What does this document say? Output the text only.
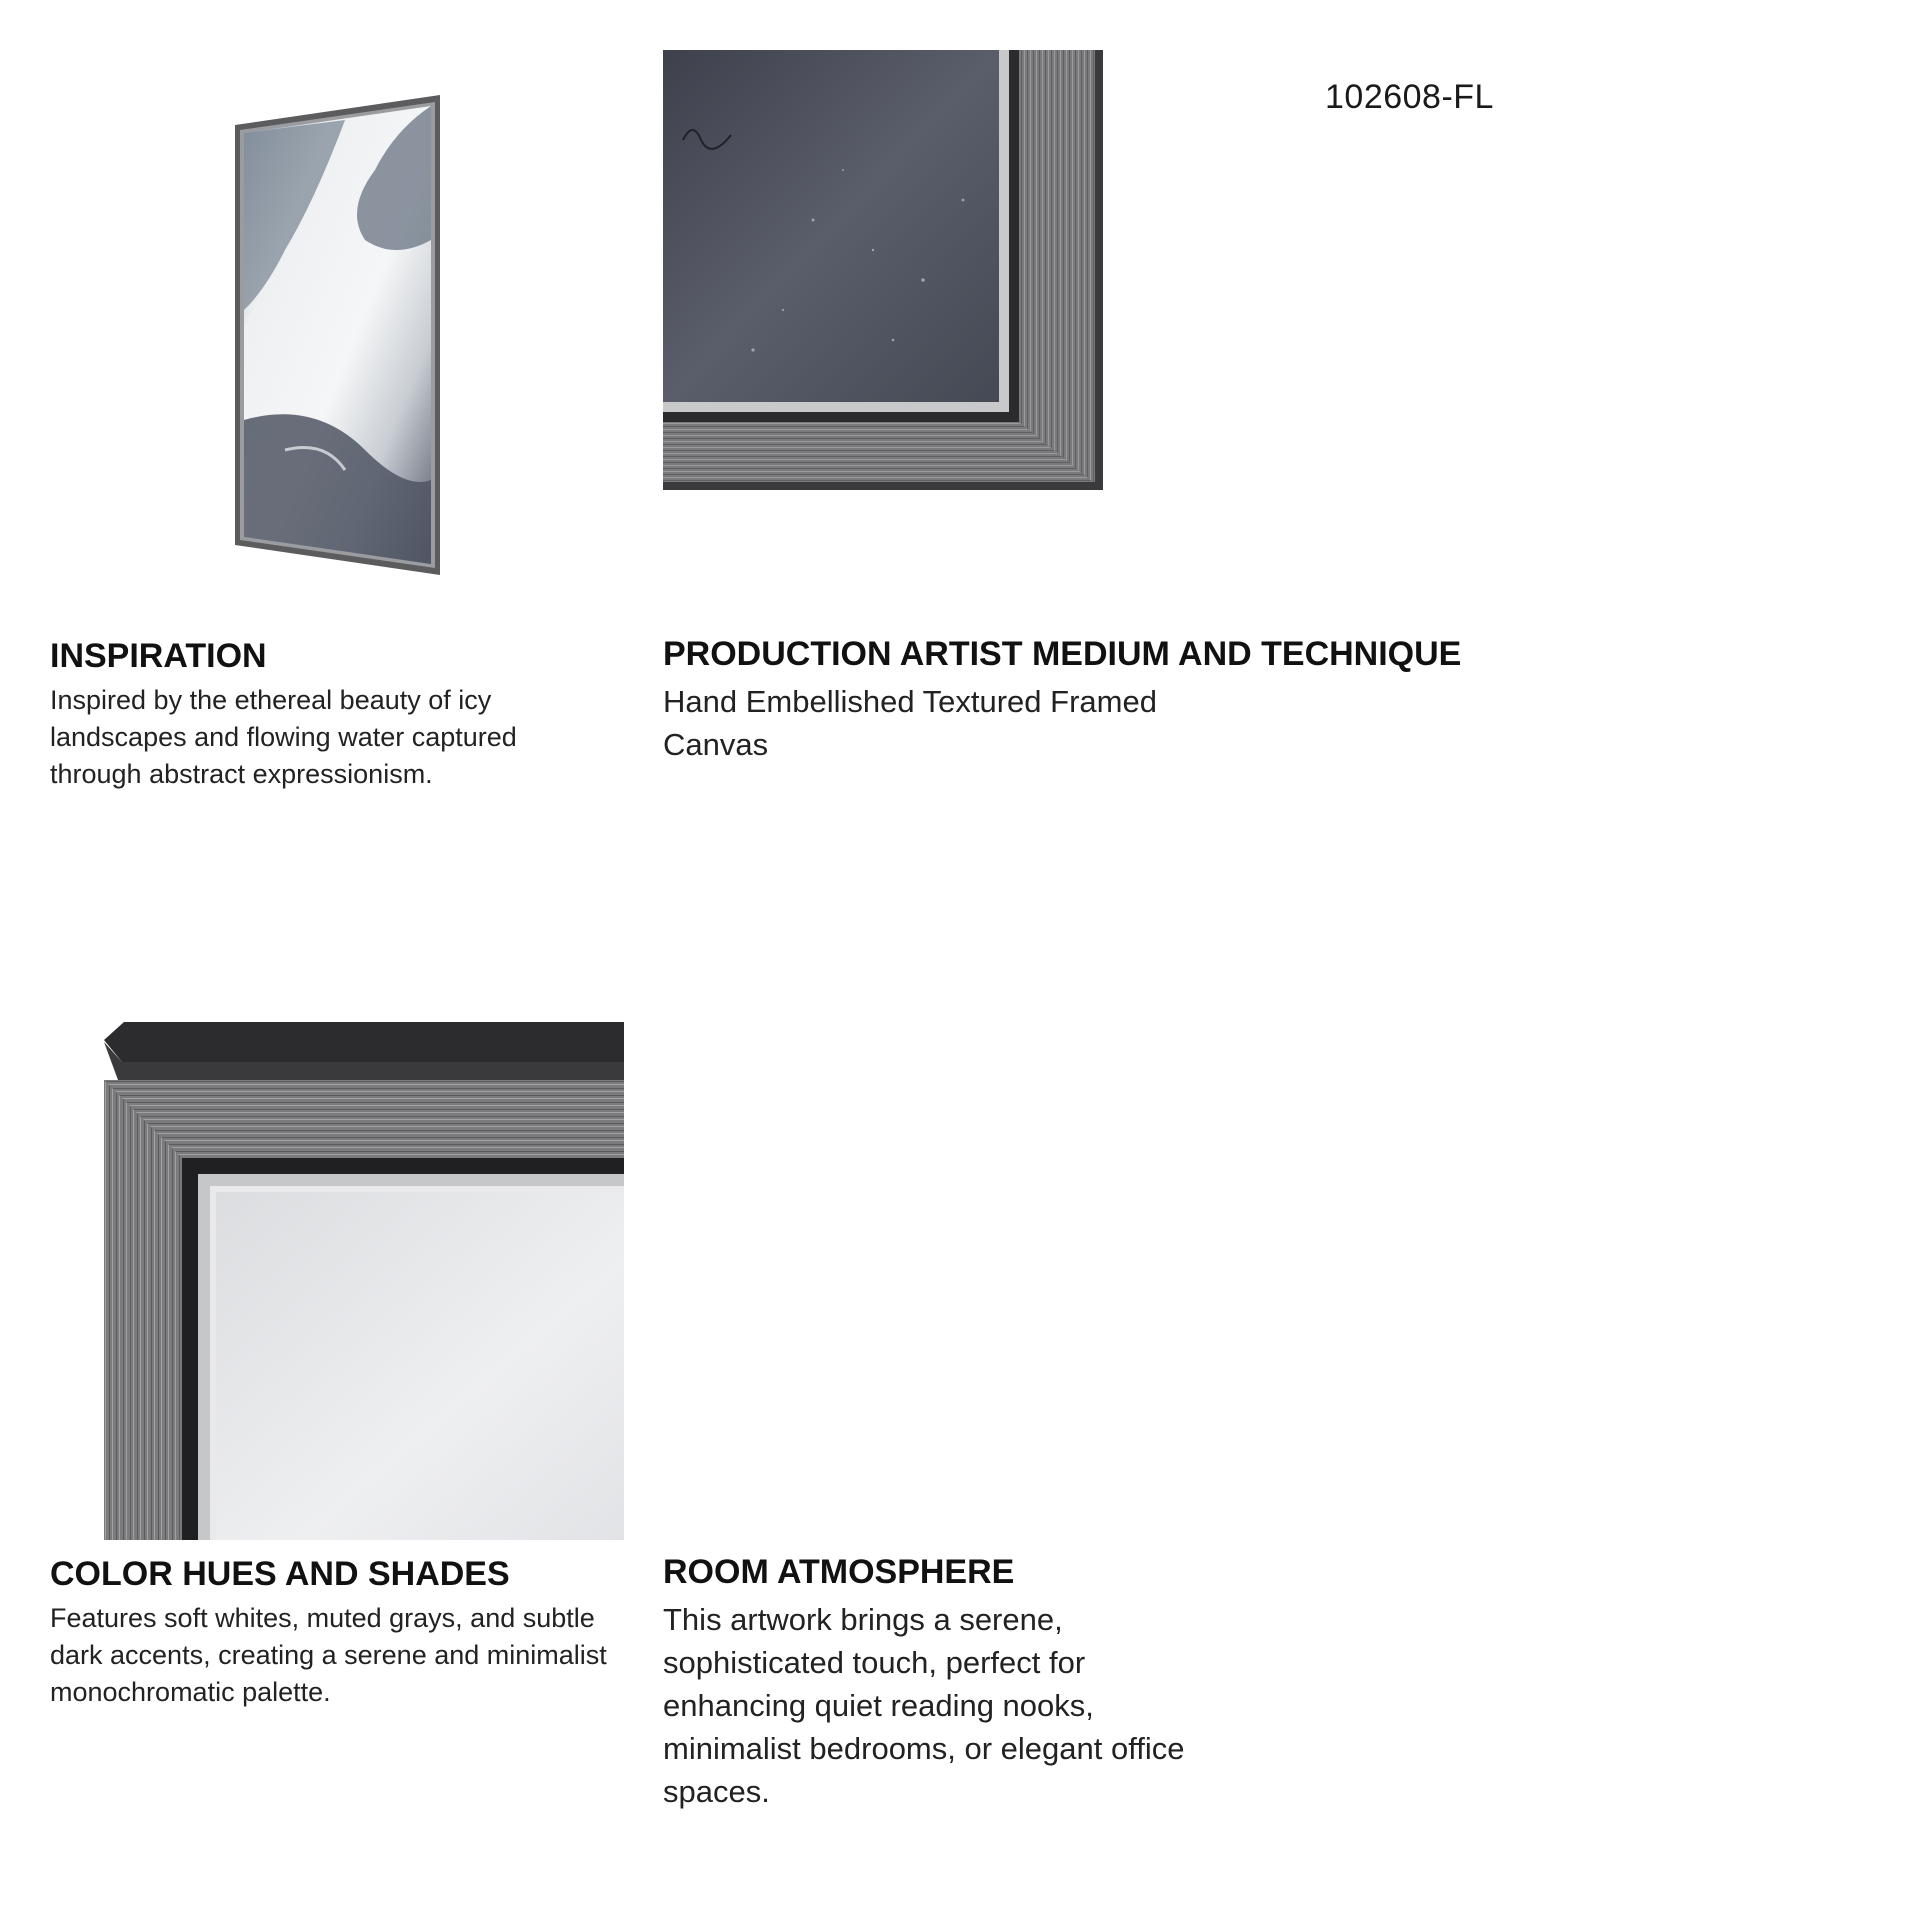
102608-FL
INSPIRATION
Inspired by the ethereal beauty of icy
landscapes and flowing water captured
through abstract expressionism.
PRODUCTION ARTIST MEDIUM AND TECHNIQUE
Hand Embellished Textured Framed
Canvas
COLOR HUES AND SHADES
Features soft whites, muted grays, and subtle
dark accents, creating a serene and minimalist
monochromatic palette.
ROOM ATMOSPHERE
This artwork brings a serene,
sophisticated touch, perfect for
enhancing quiet reading nooks,
minimalist bedrooms, or elegant office
spaces.
